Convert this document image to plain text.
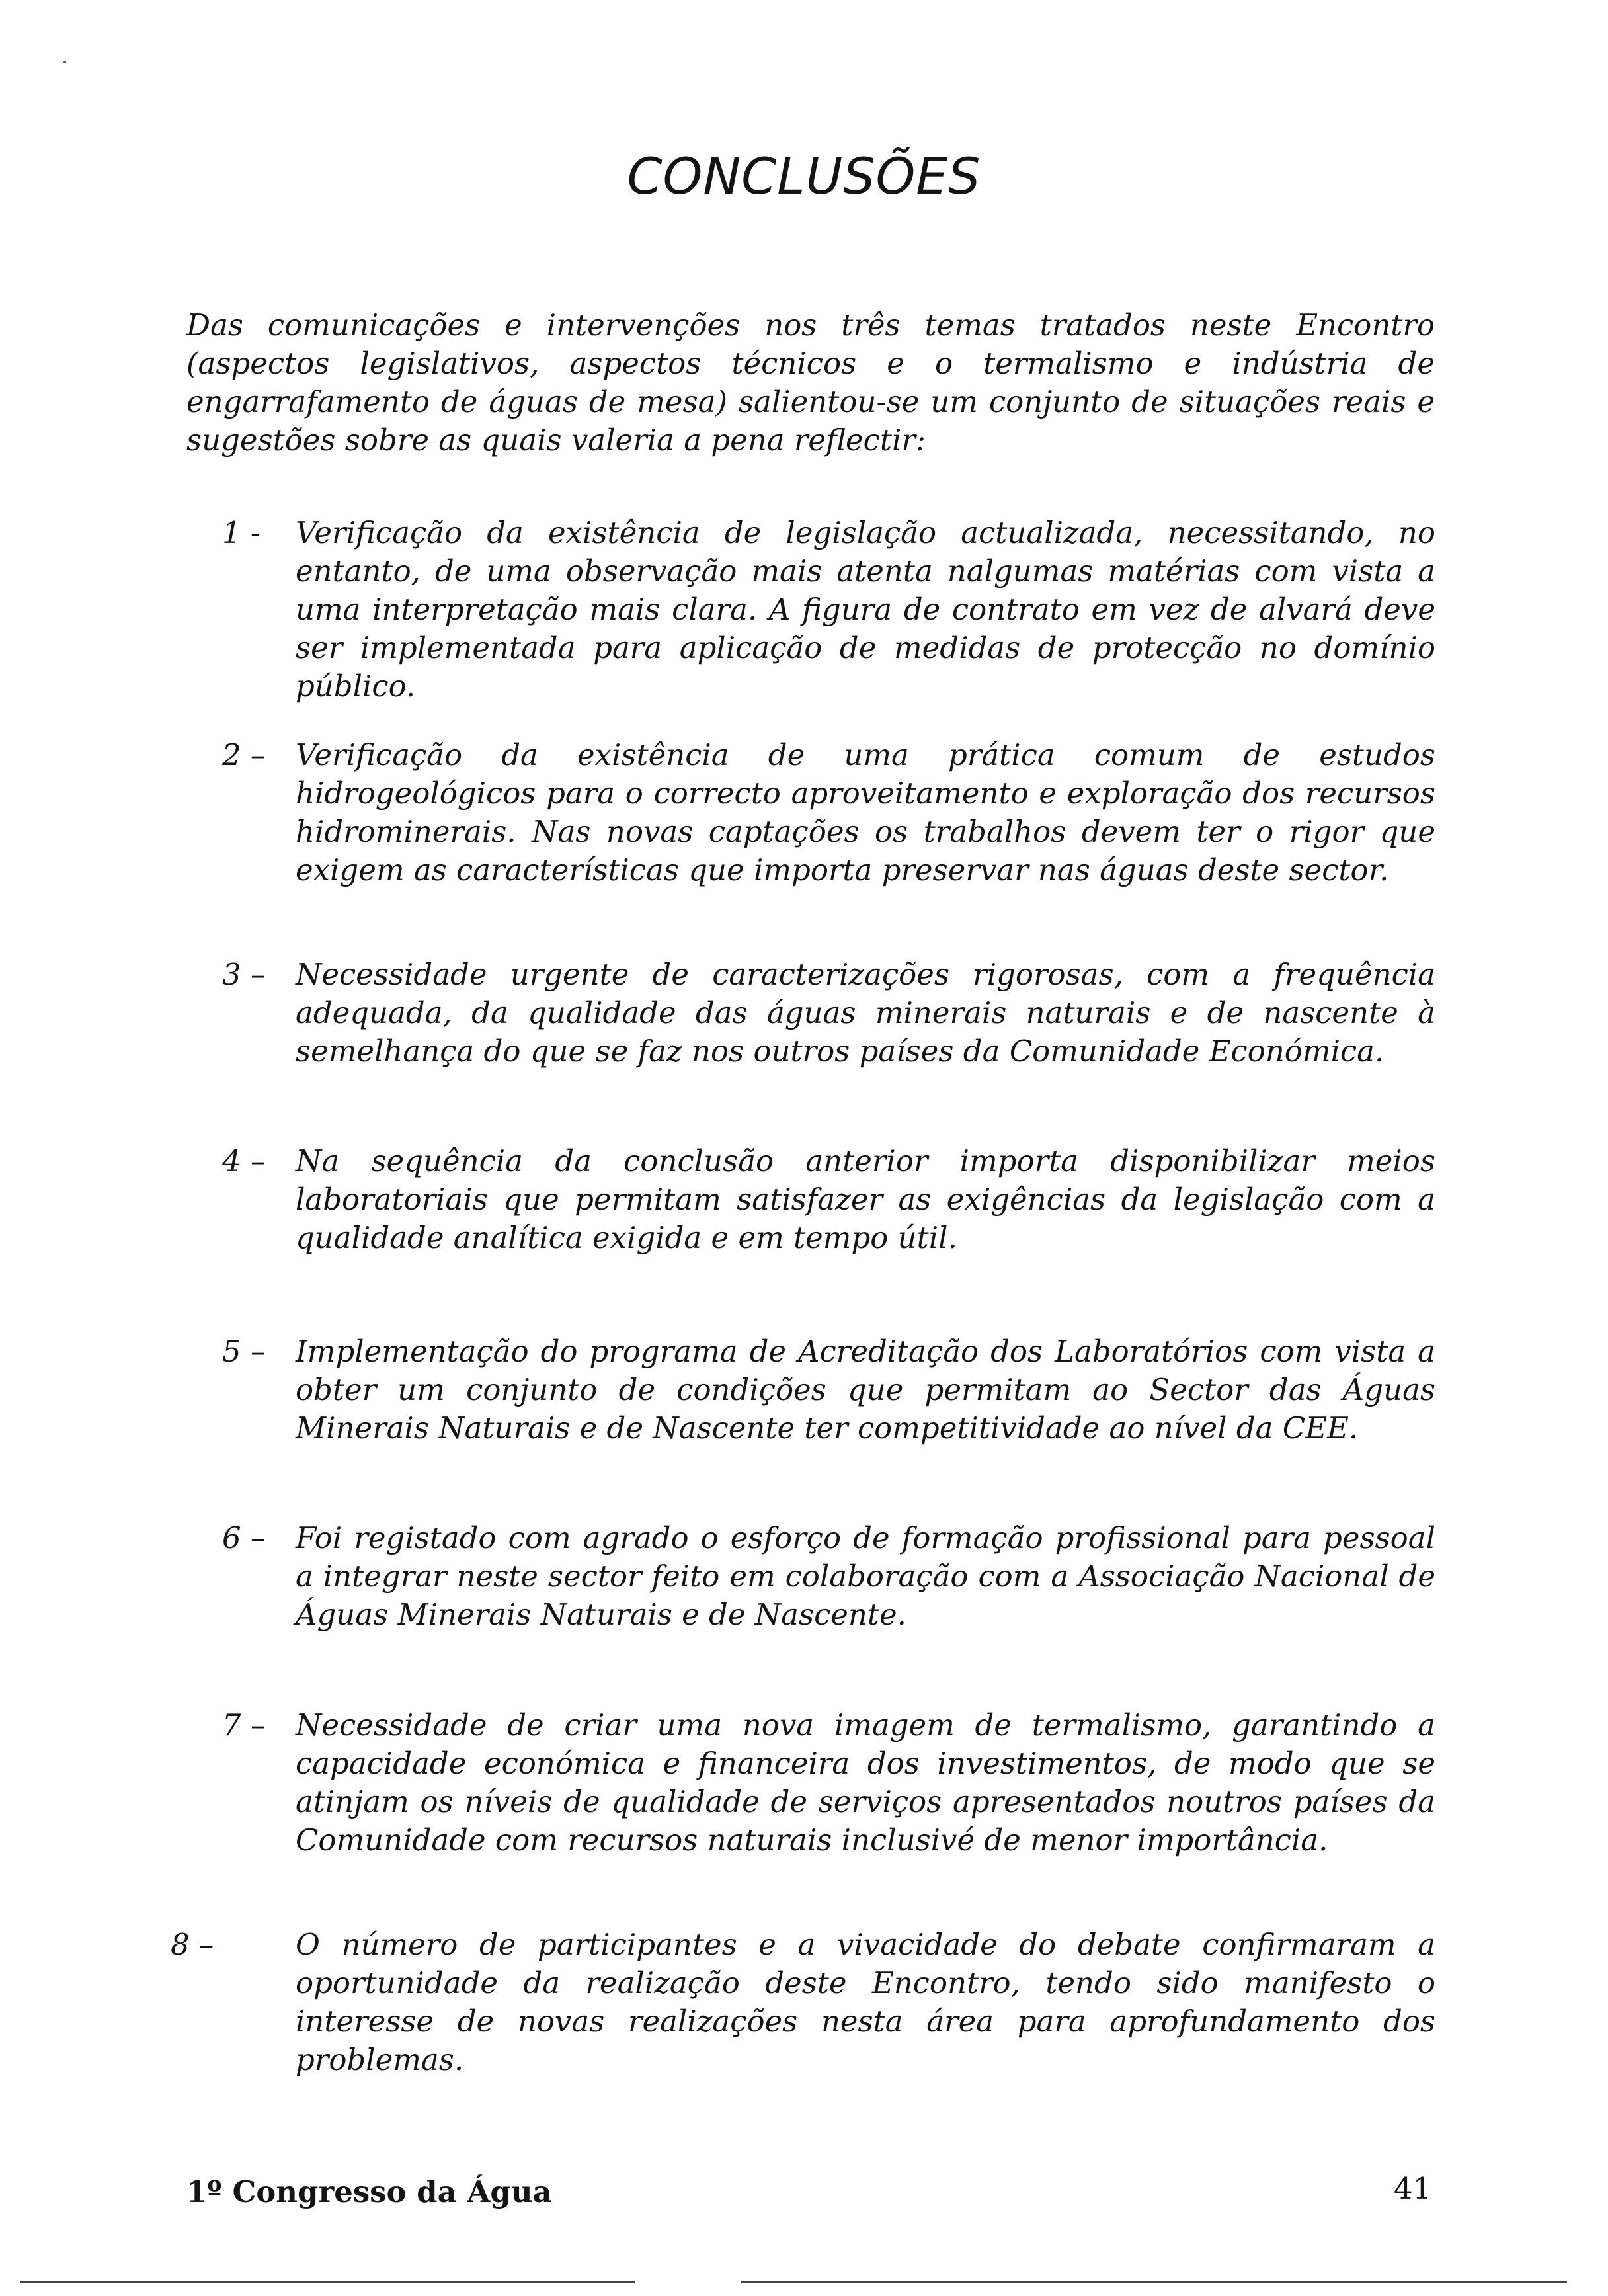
CONCLUSÕES

Das comunicações e intervenções nos três temas tratados neste Encontro (aspectos legislativos, aspectos técnicos e o termalismo e indústria de engarrafamento de águas de mesa) salientou-se um conjunto de situações reais e sugestões sobre as quais valeria a pena reflectir:

1 - Verificação da existência de legislação actualizada, necessitando, no entanto, de uma observação mais atenta nalgumas matérias com vista a uma interpretação mais clara. A figura de contrato em vez de alvará deve ser implementada para aplicação de medidas de protecção no domínio público.

2 – Verificação da existência de uma prática comum de estudos hidrogeológicos para o correcto aproveitamento e exploração dos recursos hidrominerais. Nas novas captações os trabalhos devem ter o rigor que exigem as características que importa preservar nas águas deste sector.

3 – Necessidade urgente de caracterizações rigorosas, com a frequência adequada, da qualidade das águas minerais naturais e de nascente à semelhança do que se faz nos outros países da Comunidade Económica.

4 – Na sequência da conclusão anterior importa disponibilizar meios laboratoriais que permitam satisfazer as exigências da legislação com a qualidade analítica exigida e em tempo útil.

5 – Implementação do programa de Acreditação dos Laboratórios com vista a obter um conjunto de condições que permitam ao Sector das Águas Minerais Naturais e de Nascente ter competitividade ao nível da CEE.

6 – Foi registado com agrado o esforço de formação profissional para pessoal a integrar neste sector feito em colaboração com a Associação Nacional de Águas Minerais Naturais e de Nascente.

7 – Necessidade de criar uma nova imagem de termalismo, garantindo a capacidade económica e financeira dos investimentos, de modo que se atinjam os níveis de qualidade de serviços apresentados noutros países da Comunidade com recursos naturais inclusivé de menor importância.

8 –	O número de participantes e a vivacidade do debate confirmaram a oportunidade da realização deste Encontro, tendo sido manifesto o interesse de novas realizações nesta área para aprofundamento dos problemas.

1º Congresso da Água	41
